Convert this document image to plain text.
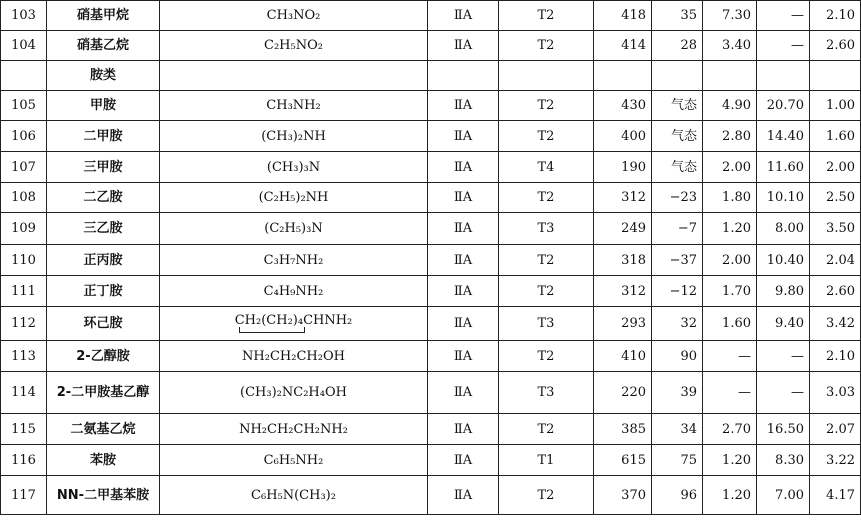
103	硝基甲烷	CH₃NO₂	ⅡA	T2	418	35	7.30	—	2.10
104	硝基乙烷	C₂H₅NO₂	ⅡA	T2	414	28	3.40	—	2.60
	胺类								
105	甲胺	CH₃NH₂	ⅡA	T2	430	气态	4.90	20.70	1.00
106	二甲胺	(CH₃)₂NH	ⅡA	T2	400	气态	2.80	14.40	1.60
107	三甲胺	(CH₃)₃N	ⅡA	T4	190	气态	2.00	11.60	2.00
108	二乙胺	(C₂H₅)₂NH	ⅡA	T2	312	−23	1.80	10.10	2.50
109	三乙胺	(C₂H₅)₃N	ⅡA	T3	249	−7	1.20	8.00	3.50
110	正丙胺	C₃H₇NH₂	ⅡA	T2	318	−37	2.00	10.40	2.04
111	正丁胺	C₄H₉NH₂	ⅡA	T2	312	−12	1.70	9.80	2.60
112	环己胺	CH₂(CH₂)₄CHNH₂	ⅡA	T3	293	32	1.60	9.40	3.42
113	2-乙醇胺	NH₂CH₂CH₂OH	ⅡA	T2	410	90	—	—	2.10
114	2-二甲胺基乙醇	(CH₃)₂NC₂H₄OH	ⅡA	T3	220	39	—	—	3.03
115	二氨基乙烷	NH₂CH₂CH₂NH₂	ⅡA	T2	385	34	2.70	16.50	2.07
116	苯胺	C₆H₅NH₂	ⅡA	T1	615	75	1.20	8.30	3.22
117	NN-二甲基苯胺	C₆H₅N(CH₃)₂	ⅡA	T2	370	96	1.20	7.00	4.17
